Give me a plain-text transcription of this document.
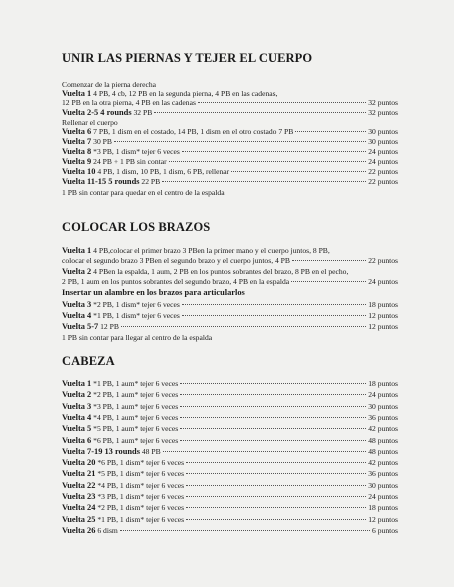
UNIR LAS PIERNAS Y TEJER EL CUERPO
Comenzar de la pierna derecha
Vuelta 1 4 PB, 4 cb, 12 PB en la segunda pierna, 4 PB en las cadenas,
12 PB en la otra pierna, 4 PB en las cadenas	32 puntos
Vuelta 2-5 4 rounds 32 PB	32 puntos
Rellenar el cuerpo
Vuelta 6 7 PB, 1 dism en el costado, 14 PB, 1 dism en el otro costado 7 PB	30 puntos
Vuelta 7 30 PB	30 puntos
Vuelta 8 *3 PB, 1 dism* tejer 6 veces	24 puntos
Vuelta 9 24 PB + 1 PB sin contar	24 puntos
Vuelta 10 4 PB, 1 dism, 10 PB, 1 dism, 6 PB, rellenar	22 puntos
Vuelta 11-15 5 rounds 22 PB	22 puntos
1 PB sin contar para quedar en el centro de la espalda
COLOCAR LOS BRAZOS
Vuelta 1 4 PB,colocar el primer brazo 3 PBen la primer mano y el cuerpo juntos, 8 PB,
colocar el segundo brazo 3 PBen el segundo brazo y el cuerpo juntos, 4 PB	22 puntos
Vuelta 2 4 PBen la espalda, 1 aum, 2 PB en los puntos sobrantes del brazo, 8 PB en el pecho,
2 PB, 1 aum en los puntos sobrantes del segundo brazo, 4 PB en la espalda	24 puntos
Insertar un alambre en los brazos para articularlos
Vuelta 3 *2 PB, 1 dism* tejer 6 veces	18 puntos
Vuelta 4 *1 PB, 1 dism* tejer 6 veces	12 puntos
Vuelta 5-7 12 PB	12 puntos
1 PB sin contar para llegar al centro de la espalda
CABEZA
Vuelta 1 *1 PB, 1 aum* tejer 6 veces	18 puntos
Vuelta 2 *2 PB, 1 aum* tejer 6 veces	24 puntos
Vuelta 3 *3 PB, 1 aum* tejer 6 veces	30 puntos
Vuelta 4 *4 PB, 1 aum* tejer 6 veces	36 puntos
Vuelta 5 *5 PB, 1 aum* tejer 6 veces	42 puntos
Vuelta 6 *6 PB, 1 aum* tejer 6 veces	48 puntos
Vuelta 7-19 13 rounds 48 PB	48 puntos
Vuelta 20 *6 PB, 1 dism* tejer 6 veces	42 puntos
Vuelta 21 *5 PB, 1 dism* tejer 6 veces	36 puntos
Vuelta 22 *4 PB, 1 dism* tejer 6 veces	30 puntos
Vuelta 23 *3 PB, 1 dism* tejer 6 veces	24 puntos
Vuelta 24 *2 PB, 1 dism* tejer 6 veces	18 puntos
Vuelta 25 *1 PB, 1 dism* tejer 6 veces	12 puntos
Vuelta 26 6 dism	6 puntos
